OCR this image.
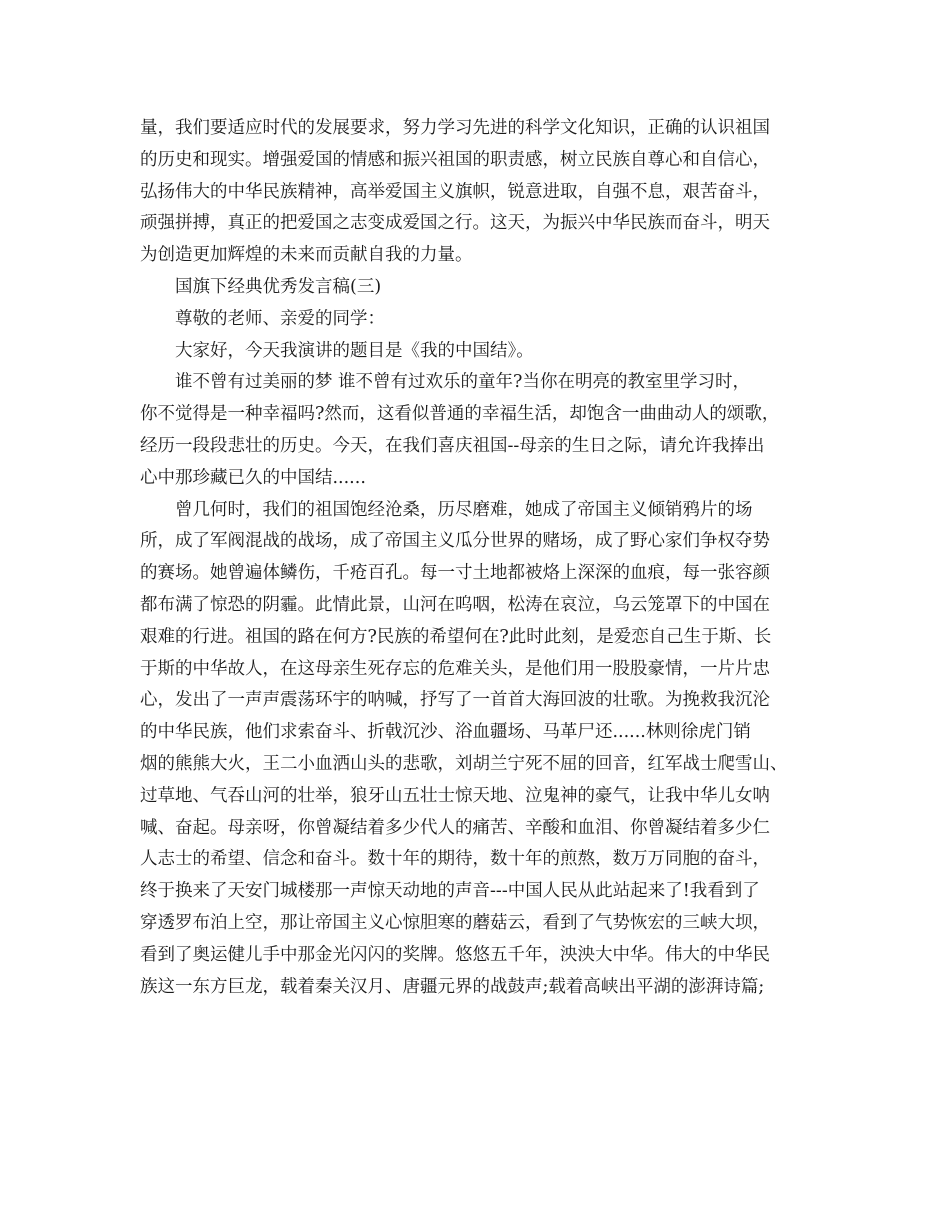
量，我们要适应时代的发展要求，努力学习先进的科学文化知识，正确的认识祖国
的历史和现实。增强爱国的情感和振兴祖国的职责感，树立民族自尊心和自信心，
弘扬伟大的中华民族精神，高举爱国主义旗帜，锐意进取，自强不息，艰苦奋斗，
顽强拼搏，真正的把爱国之志变成爱国之行。这天，为振兴中华民族而奋斗，明天
为创造更加辉煌的未来而贡献自我的力量。
国旗下经典优秀发言稿(三)
尊敬的老师、亲爱的同学：
大家好，今天我演讲的题目是《我的中国结》。
谁不曾有过美丽的梦 谁不曾有过欢乐的童年?当你在明亮的教室里学习时，
你不觉得是一种幸福吗?然而，这看似普通的幸福生活，却饱含一曲曲动人的颂歌，
经历一段段悲壮的历史。今天，在我们喜庆祖国--母亲的生日之际，请允许我捧出
心中那珍藏已久的中国结......
曾几何时，我们的祖国饱经沧桑，历尽磨难，她成了帝国主义倾销鸦片的场
所，成了军阀混战的战场，成了帝国主义瓜分世界的赌场，成了野心家们争权夺势
的赛场。她曾遍体鳞伤，千疮百孔。每一寸土地都被烙上深深的血痕，每一张容颜
都布满了惊恐的阴霾。此情此景，山河在呜咽，松涛在哀泣，乌云笼罩下的中国在
艰难的行进。祖国的路在何方?民族的希望何在?此时此刻，是爱恋自己生于斯、长
于斯的中华故人，在这母亲生死存忘的危难关头，是他们用一股股豪情，一片片忠
心，发出了一声声震荡环宇的呐喊，抒写了一首首大海回波的壮歌。为挽救我沉沦
的中华民族，他们求索奋斗、折戟沉沙、浴血疆场、马革尸还......林则徐虎门销
烟的熊熊大火，王二小血洒山头的悲歌，刘胡兰宁死不屈的回音，红军战士爬雪山、
过草地、气吞山河的壮举，狼牙山五壮士惊天地、泣鬼神的豪气，让我中华儿女呐
喊、奋起。母亲呀，你曾凝结着多少代人的痛苦、辛酸和血泪、你曾凝结着多少仁
人志士的希望、信念和奋斗。数十年的期待，数十年的煎熬，数万万同胞的奋斗，
终于换来了天安门城楼那一声惊天动地的声音---中国人民从此站起来了!我看到了
穿透罗布泊上空，那让帝国主义心惊胆寒的蘑菇云，看到了气势恢宏的三峡大坝，
看到了奥运健儿手中那金光闪闪的奖牌。悠悠五千年，泱泱大中华。伟大的中华民
族这一东方巨龙，载着秦关汉月、唐疆元界的战鼓声;载着高峡出平湖的澎湃诗篇;
